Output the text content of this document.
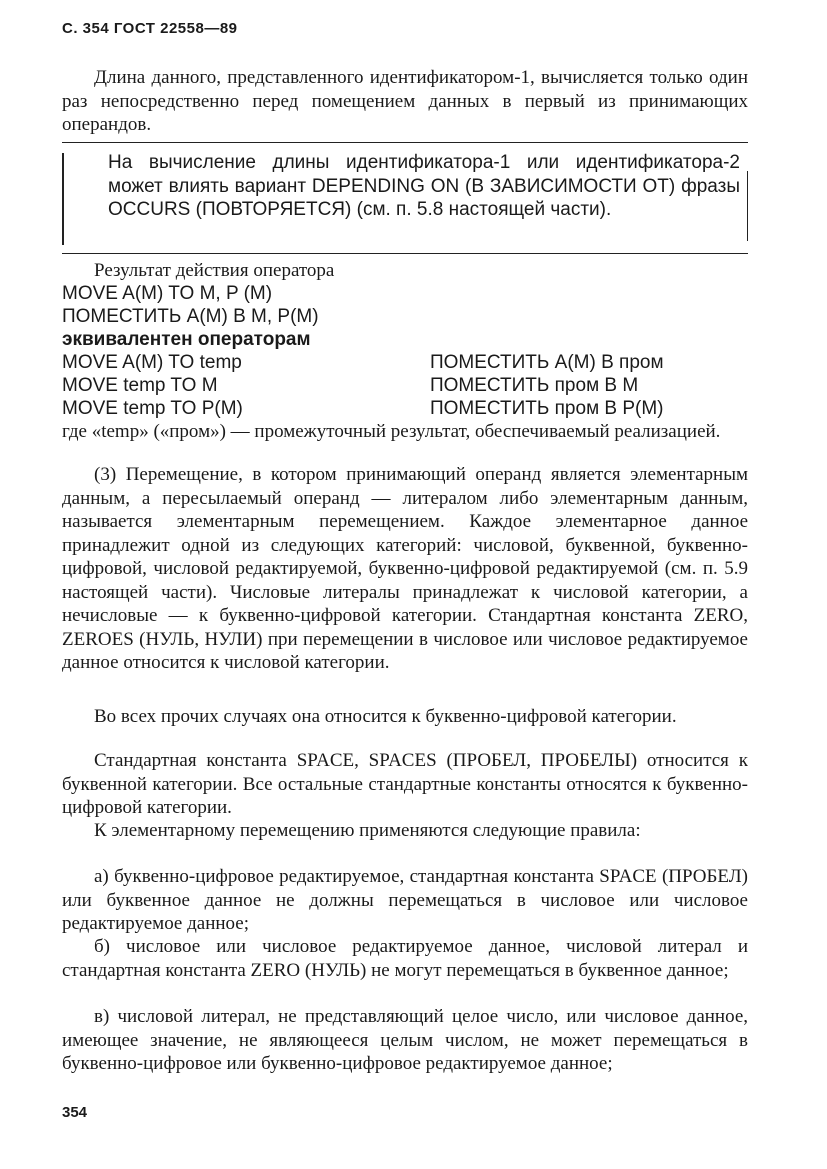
С. 354 ГОСТ 22558—89
Длина данного, представленного идентификатором-1, вычисляется только один раз непосредственно перед помещением данных в первый из принимающих операндов.
На вычисление длины идентификатора-1 или идентификатора-2 может влиять вариант DEPENDING ON (В ЗАВИСИМОСТИ ОТ) фразы OCCURS (ПОВТОРЯЕТСЯ) (см. п. 5.8 настоящей части).
Результат действия оператора
MOVE A(M) TO M, P (M)
ПОМЕСТИТЬ A(M) В M, P(M)
эквивалентен операторам
MOVE A(M) TO temp	ПОМЕСТИТЬ A(M) В пром
MOVE temp TO M	ПОМЕСТИТЬ пром В M
MOVE temp TO P(M)	ПОМЕСТИТЬ пром В P(M)
где «temp» («пром») — промежуточный результат, обеспечиваемый реализацией.
(3) Перемещение, в котором принимающий операнд является элементарным данным, а пересылаемый операнд — литералом либо элементарным данным, называется элементарным перемещением. Каждое элементарное данное принадлежит одной из следующих категорий: числовой, буквенной, буквенно-цифровой, числовой редактируемой, буквенно-цифровой редактируемой (см. п. 5.9 настоящей части). Числовые литералы принадлежат к числовой категории, а нечисловые — к буквенно-цифровой категории. Стандартная константа ZERO, ZEROES (НУЛЬ, НУЛИ) при перемещении в числовое или числовое редактируемое данное относится к числовой категории.
Во всех прочих случаях она относится к буквенно-цифровой категории.
Стандартная константа SPACE, SPACES (ПРОБЕЛ, ПРОБЕЛЫ) относится к буквенной категории. Все остальные стандартные константы относятся к буквенно-цифровой категории.
К элементарному перемещению применяются следующие правила:
а) буквенно-цифровое редактируемое, стандартная константа SPACE (ПРОБЕЛ) или буквенное данное не должны перемещаться в числовое или числовое редактируемое данное;
б) числовое или числовое редактируемое данное, числовой литерал и стандартная константа ZERO (НУЛЬ) не могут перемещаться в буквенное данное;
в) числовой литерал, не представляющий целое число, или числовое данное, имеющее значение, не являющееся целым числом, не может перемещаться в буквенно-цифровое или буквенно-цифровое редактируемое данное;
354
